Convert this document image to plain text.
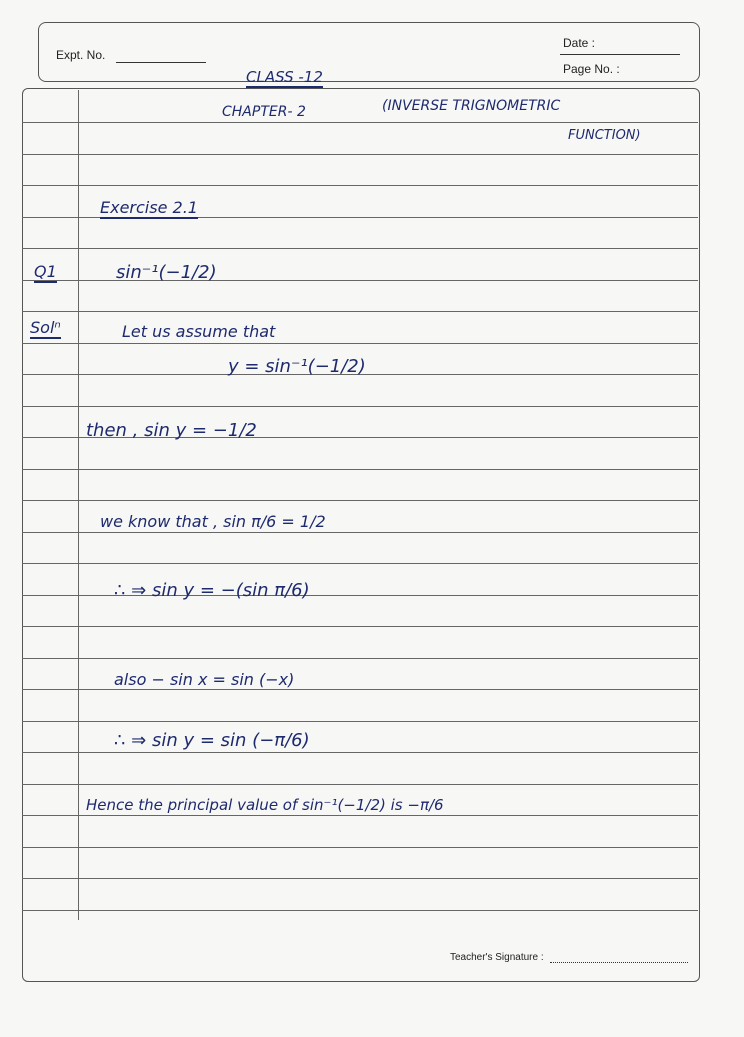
Expt. No.
Date :
Page No. :
CLASS -12
CHAPTER- 2	(INVERSE TRIGNOMETRIC
FUNCTION)
Exercise 2.1
Q1	sin⁻¹(−1/2)
Solⁿ	Let us assume that
y = sin⁻¹(−1/2)
then , sin y = −1/2
we know that , sin π/6 = 1/2
∴ ⇒ sin y = −(sin π/6)
also − sin x = sin (−x)
∴ ⇒ sin y = sin (−π/6)
Hence the principal value of sin⁻¹(−1/2) is −π/6
Teacher's Signature :
